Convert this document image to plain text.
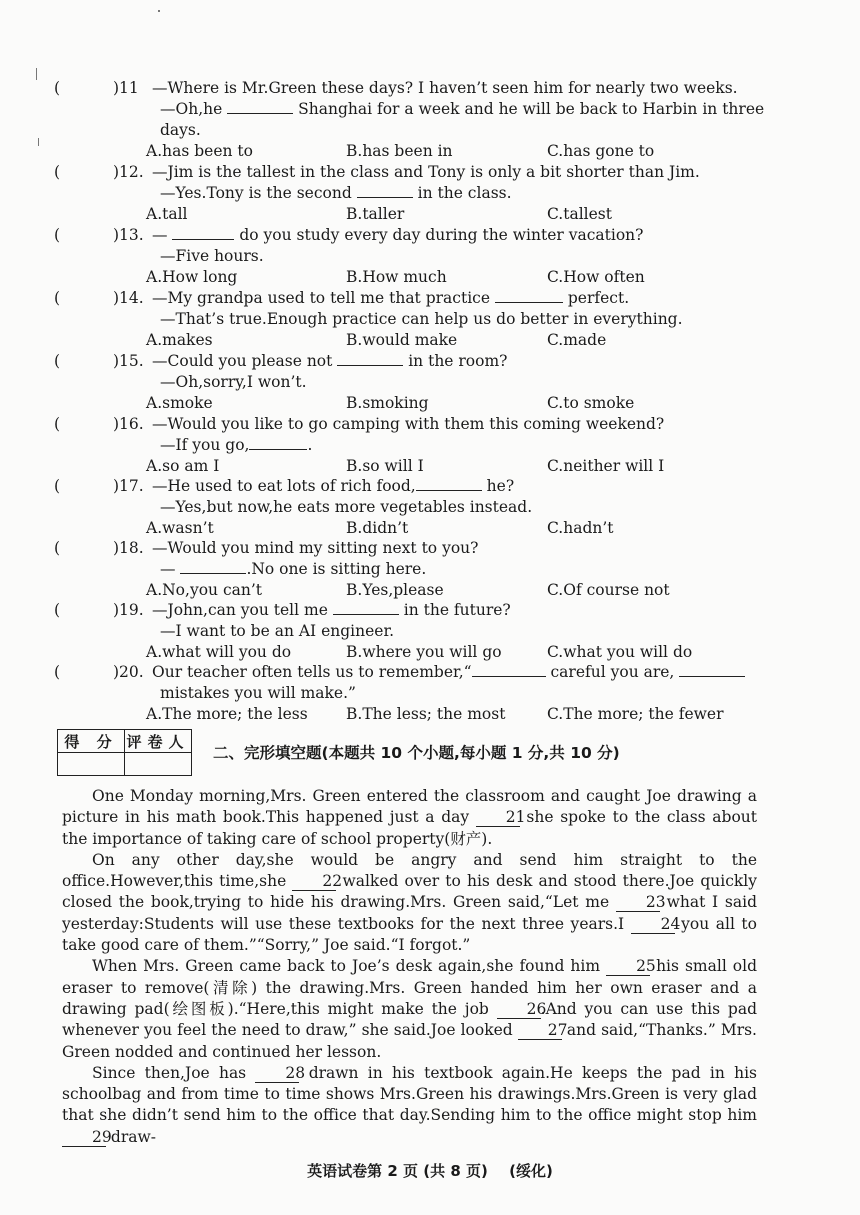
(	)11 —Where is Mr.Green these days? I haven’t seen him for nearly two weeks.
—Oh,he	Shanghai for a week and he will be back to Harbin in three
days.
A.has been to	B.has been in	C.has gone to
(	)12. —Jim is the tallest in the class and Tony is only a bit shorter than Jim.
—Yes.Tony is the second	in the class.
A.tall	B.taller	C.tallest
(	)13. —	do you study every day during the winter vacation?
—Five hours.
A.How long	B.How much	C.How often
(	)14. —My grandpa used to tell me that practice	perfect.
—That’s true.Enough practice can help us do better in everything.
A.makes	B.would make	C.made
(	)15. —Could you please not	in the room?
—Oh,sorry,I won’t.
A.smoke	B.smoking	C.to smoke
(	)16. —Would you like to go camping with them this coming weekend?
—If you go,	.
A.so am I	B.so will I	C.neither will I
(	)17. —He used to eat lots of rich food,	he?
—Yes,but now,he eats more vegetables instead.
A.wasn’t	B.didn’t	C.hadn’t
(	)18. —Would you mind my sitting next to you?
—	.No one is sitting here.
A.No,you can’t	B.Yes,please	C.Of course not
(	)19. —John,can you tell me	in the future?
—I want to be an AI engineer.
A.what will you do	B.where you will go	C.what you will do
(	)20. Our teacher often tells us to remember,“	careful you are,
mistakes you will make.”
A.The more; the less B.The less; the most	C.The more; the fewer
得 分	评卷人

二、完形填空题(本题共 10 个小题,每小题 1 分,共 10 分)

One Monday morning,Mrs. Green entered the classroom and caught Joe drawing a picture in his math book.This happened just a day 21 she spoke to the class about the importance of taking care of school property(财产).

On any other day,she would be angry and send him straight to the office.However,this time,she 22 walked over to his desk and stood there.Joe quickly closed the book,trying to hide his drawing.Mrs. Green said,“Let me 23 what I said yesterday:Students will use these textbooks for the next three years.I 24 you all to take good care of them.”“Sorry,” Joe said.“I forgot.”

When Mrs. Green came back to Joe’s desk again,she found him 25 his small old eraser to remove(清除) the drawing.Mrs. Green handed him her own eraser and a drawing pad(绘图板).“Here,this might make the job 26.And you can use this pad whenever you feel the need to draw,” she said.Joe looked 27 and said,“Thanks.” Mrs. Green nodded and continued her lesson.

Since then,Joe has 28 drawn in his textbook again.He keeps the pad in his schoolbag and from time to time shows Mrs.Green his drawings.Mrs.Green is very glad that she didn’t send him to the office that day.Sending him to the office might stop him 29 draw-

英语试卷第 2 页 (共 8 页) (绥化)
